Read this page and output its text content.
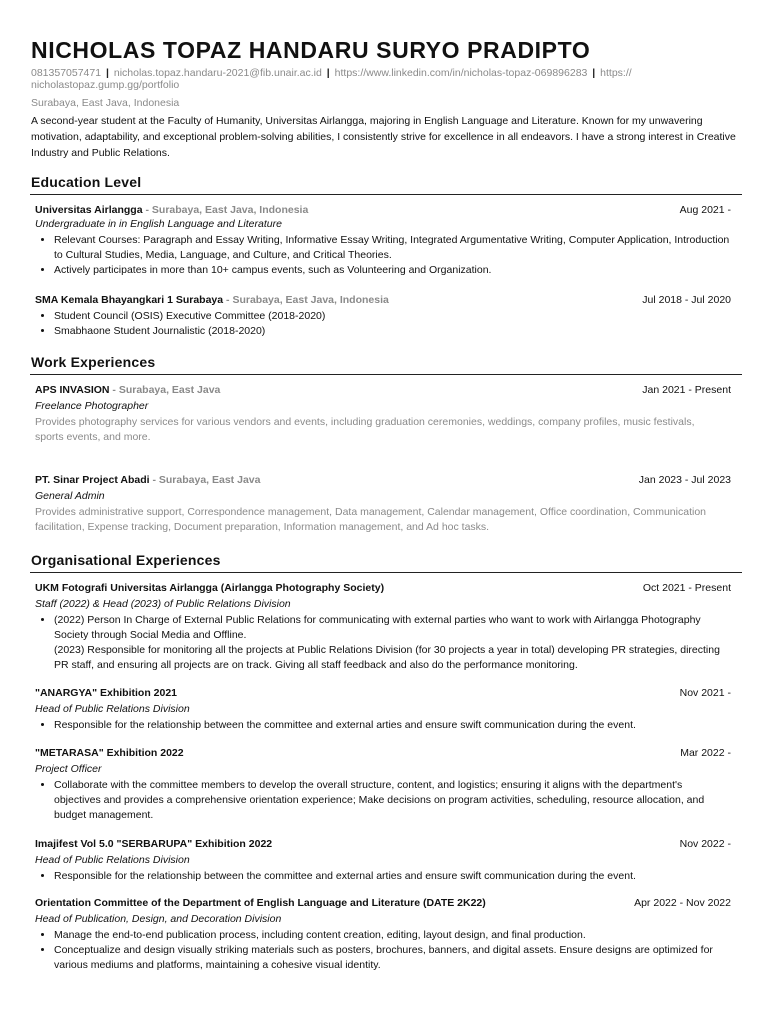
NICHOLAS TOPAZ HANDARU SURYO PRADIPTO
081357057471 | nicholas.topaz.handaru-2021@fib.unair.ac.id | https://www.linkedin.com/in/nicholas-topaz-069896283 | https:// nicholastopaz.gump.gg/portfolio
Surabaya, East Java, Indonesia
A second-year student at the Faculty of Humanity, Universitas Airlangga, majoring in English Language and Literature. Known for my unwavering motivation, adaptability, and exceptional problem-solving abilities, I consistently strive for excellence in all endeavors. I have a strong interest in Creative Industry and Public Relations.
Education Level
Universitas Airlangga - Surabaya, East Java, Indonesia	Aug 2021 -
Undergraduate in in English Language and Literature
• Relevant Courses: Paragraph and Essay Writing, Informative Essay Writing, Integrated Argumentative Writing, Computer Application, Introduction to Cultural Studies, Media, Language, and Culture, and Critical Theories.
• Actively participates in more than 10+ campus events, such as Volunteering and Organization.
SMA Kemala Bhayangkari 1 Surabaya - Surabaya, East Java, Indonesia	Jul 2018 - Jul 2020
• Student Council (OSIS) Executive Committee (2018-2020)
• Smabhaone Student Journalistic (2018-2020)
Work Experiences
APS INVASION - Surabaya, East Java	Jan 2021 - Present
Freelance Photographer
Provides photography services for various vendors and events, including graduation ceremonies, weddings, company profiles, music festivals,
sports events, and more.
PT. Sinar Project Abadi - Surabaya, East Java	Jan 2023 - Jul 2023
General Admin
Provides administrative support, Correspondence management, Data management, Calendar management, Office coordination, Communication facilitation, Expense tracking, Document preparation, Information management, and Ad hoc tasks.
Organisational Experiences
UKM Fotografi Universitas Airlangga (Airlangga Photography Society)	Oct 2021 - Present
Staff (2022) & Head (2023) of Public Relations Division
• (2022) Person In Charge of External Public Relations for communicating with external parties who want to work with Airlangga Photography Society through Social Media and Offline.
(2023) Responsible for monitoring all the projects at Public Relations Division (for 30 projects a year in total) developing PR strategies, directing PR staff, and ensuring all projects are on track. Giving all staff feedback and also do the performance monitoring.
"ANARGYA" Exhibition 2021	Nov 2021 -
Head of Public Relations Division
• Responsible for the relationship between the committee and external arties and ensure swift communication during the event.
"METARASA" Exhibition 2022	Mar 2022 -
Project Officer
• Collaborate with the committee members to develop the overall structure, content, and logistics; ensuring it aligns with the department's objectives and provides a comprehensive orientation experience; Make decisions on program activities, scheduling, resource allocation, and budget management.
Imajifest Vol 5.0 "SERBARUPA" Exhibition 2022	Nov 2022 -
Head of Public Relations Division
• Responsible for the relationship between the committee and external arties and ensure swift communication during the event.
Orientation Committee of the Department of English Language and Literature (DATE 2K22)	Apr 2022 - Nov 2022
Head of Publication, Design, and Decoration Division
• Manage the end-to-end publication process, including content creation, editing, layout design, and final production.
• Conceptualize and design visually striking materials such as posters, brochures, banners, and digital assets. Ensure designs are optimized for various mediums and platforms, maintaining a cohesive visual identity.
